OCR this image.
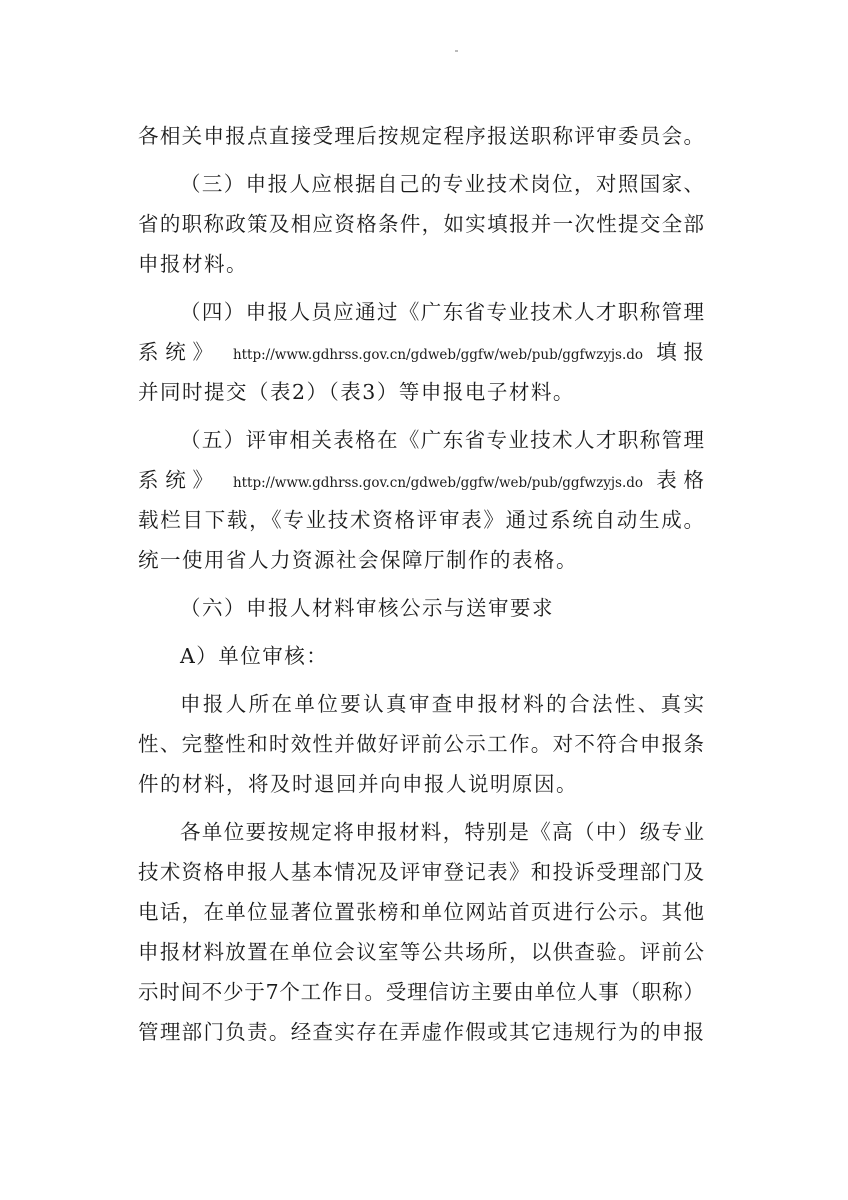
各相关申报点直接受理后按规定程序报送职称评审委员会。
（三）申报人应根据自己的专业技术岗位，对照国家、
省的职称政策及相应资格条件，如实填报并一次性提交全部
申报材料。
（四）申报人员应通过《广东省专业技术人才职称管理
系统》 http://www.gdhrss.gov.cn/gdweb/ggfw/web/pub/ggfwzyjs.do 填报
并同时提交（表2）（表3）等申报电子材料。
（五）评审相关表格在《广东省专业技术人才职称管理
系统》 http://www.gdhrss.gov.cn/gdweb/ggfw/web/pub/ggfwzyjs.do 表格
载栏目下载，《专业技术资格评审表》通过系统自动生成。
统一使用省人力资源社会保障厅制作的表格。
（六）申报人材料审核公示与送审要求
A）单位审核：
申报人所在单位要认真审查申报材料的合法性、真实
性、完整性和时效性并做好评前公示工作。对不符合申报条
件的材料，将及时退回并向申报人说明原因。
各单位要按规定将申报材料，特别是《高（中）级专业
技术资格申报人基本情况及评审登记表》和投诉受理部门及
电话，在单位显著位置张榜和单位网站首页进行公示。其他
申报材料放置在单位会议室等公共场所，以供查验。评前公
示时间不少于7个工作日。受理信访主要由单位人事（职称）
管理部门负责。经查实存在弄虚作假或其它违规行为的申报
